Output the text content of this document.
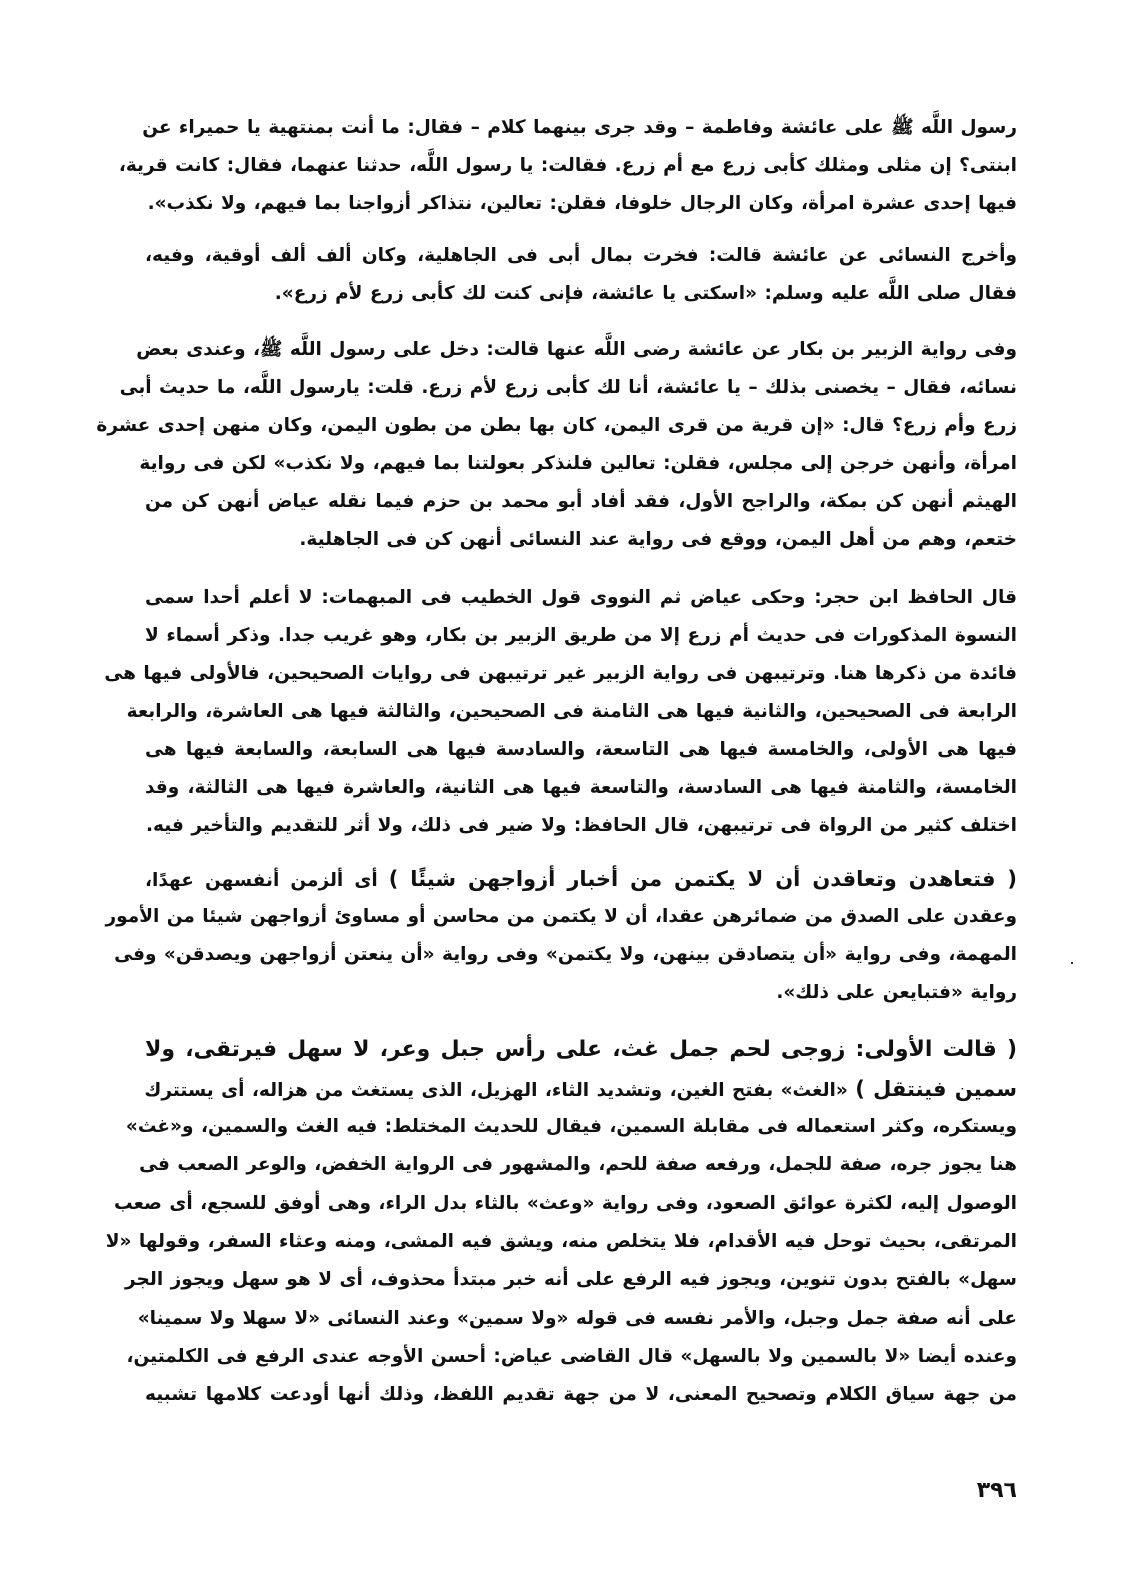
رسول اللَّه ﷺ على عائشة وفاطمة – وقد جرى بينهما كلام – فقال: ما أنت بمنتهية يا حميراء عن
ابنتى؟ إن مثلى ومثلك كأبى زرع مع أم زرع. فقالت: يا رسول اللَّه، حدثنا عنهما، فقال: كانت قرية،
فيها إحدى عشرة امرأة، وكان الرجال خلوفا، فقلن: تعالين، نتذاكر أزواجنا بما فيهم، ولا نكذب».
وأخرج النسائى عن عائشة قالت: فخرت بمال أبى فى الجاهلية، وكان ألف ألف أوقية، وفيه،
فقال صلى اللَّه عليه وسلم: «اسكتى يا عائشة، فإنى كنت لك كأبى زرع لأم زرع».
وفى رواية الزبير بن بكار عن عائشة رضى اللَّه عنها قالت: دخل على رسول اللَّه ﷺ، وعندى بعض
نسائه، فقال – يخصنى بذلك – يا عائشة، أنا لك كأبى زرع لأم زرع. قلت: يارسول اللَّه، ما حديث أبى
زرع وأم زرع؟ قال: «إن قرية من قرى اليمن، كان بها بطن من بطون اليمن، وكان منهن إحدى عشرة
امرأة، وأنهن خرجن إلى مجلس، فقلن: تعالين فلنذكر بعولتنا بما فيهم، ولا نكذب» لكن فى رواية
الهيثم أنهن كن بمكة، والراجح الأول، فقد أفاد أبو محمد بن حزم فيما نقله عياض أنهن كن من
ختعم، وهم من أهل اليمن، ووقع فى رواية عند النسائى أنهن كن فى الجاهلية.
قال الحافظ ابن حجر: وحكى عياض ثم النووى قول الخطيب فى المبهمات: لا أعلم أحدا سمى
النسوة المذكورات فى حديث أم زرع إلا من طريق الزبير بن بكار، وهو غريب جدا. وذكر أسماء لا
فائدة من ذكرها هنا. وترتيبهن فى رواية الزبير غير ترتيبهن فى روايات الصحيحين، فالأولى فيها هى
الرابعة فى الصحيحين، والثانية فيها هى الثامنة فى الصحيحين، والثالثة فيها هى العاشرة، والرابعة
فيها هى الأولى، والخامسة فيها هى التاسعة، والسادسة فيها هى السابعة، والسابعة فيها هى
الخامسة، والثامنة فيها هى السادسة، والتاسعة فيها هى الثانية، والعاشرة فيها هى الثالثة، وقد
اختلف كثير من الرواة فى ترتيبهن، قال الحافظ: ولا ضير فى ذلك، ولا أثر للتقديم والتأخير فيه.
( فتعاهدن وتعاقدن أن لا يكتمن من أخبار أزواجهن شيئًا ) أى ألزمن أنفسهن عهدًا،
وعقدن على الصدق من ضمائرهن عقدا، أن لا يكتمن من محاسن أو مساوئ أزواجهن شيئا من الأمور
المهمة، وفى رواية «أن يتصادقن بينهن، ولا يكتمن» وفى رواية «أن ينعتن أزواجهن ويصدقن» وفى
رواية «فتبايعن على ذلك».
( قالت الأولى: زوجى لحم جمل غث، على رأس جبل وعر، لا سهل فيرتقى، ولا
سمين فينتقل ) «الغث» بفتح الغين، وتشديد الثاء، الهزيل، الذى يستغث من هزاله، أى يستترك
ويستكره، وكثر استعماله فى مقابلة السمين، فيقال للحديث المختلط: فيه الغث والسمين، و«غث»
هنا يجوز جره، صفة للجمل، ورفعه صفة للحم، والمشهور فى الرواية الخفض، والوعر الصعب فى
الوصول إليه، لكثرة عوائق الصعود، وفى رواية «وعث» بالثاء بدل الراء، وهى أوفق للسجع، أى صعب
المرتقى، بحيث توحل فيه الأقدام، فلا يتخلص منه، ويشق فيه المشى، ومنه وعثاء السفر، وقولها «لا
سهل» بالفتح بدون تنوين، ويجوز فيه الرفع على أنه خبر مبتدأ محذوف، أى لا هو سهل ويجوز الجر
على أنه صفة جمل وجبل، والأمر نفسه فى قوله «ولا سمين» وعند النسائى «لا سهلا ولا سمينا»
وعنده أيضا «لا بالسمين ولا بالسهل» قال القاضى عياض: أحسن الأوجه عندى الرفع فى الكلمتين،
من جهة سياق الكلام وتصحيح المعنى، لا من جهة تقديم اللفظ، وذلك أنها أودعت كلامها تشبيه
٣٩٦
